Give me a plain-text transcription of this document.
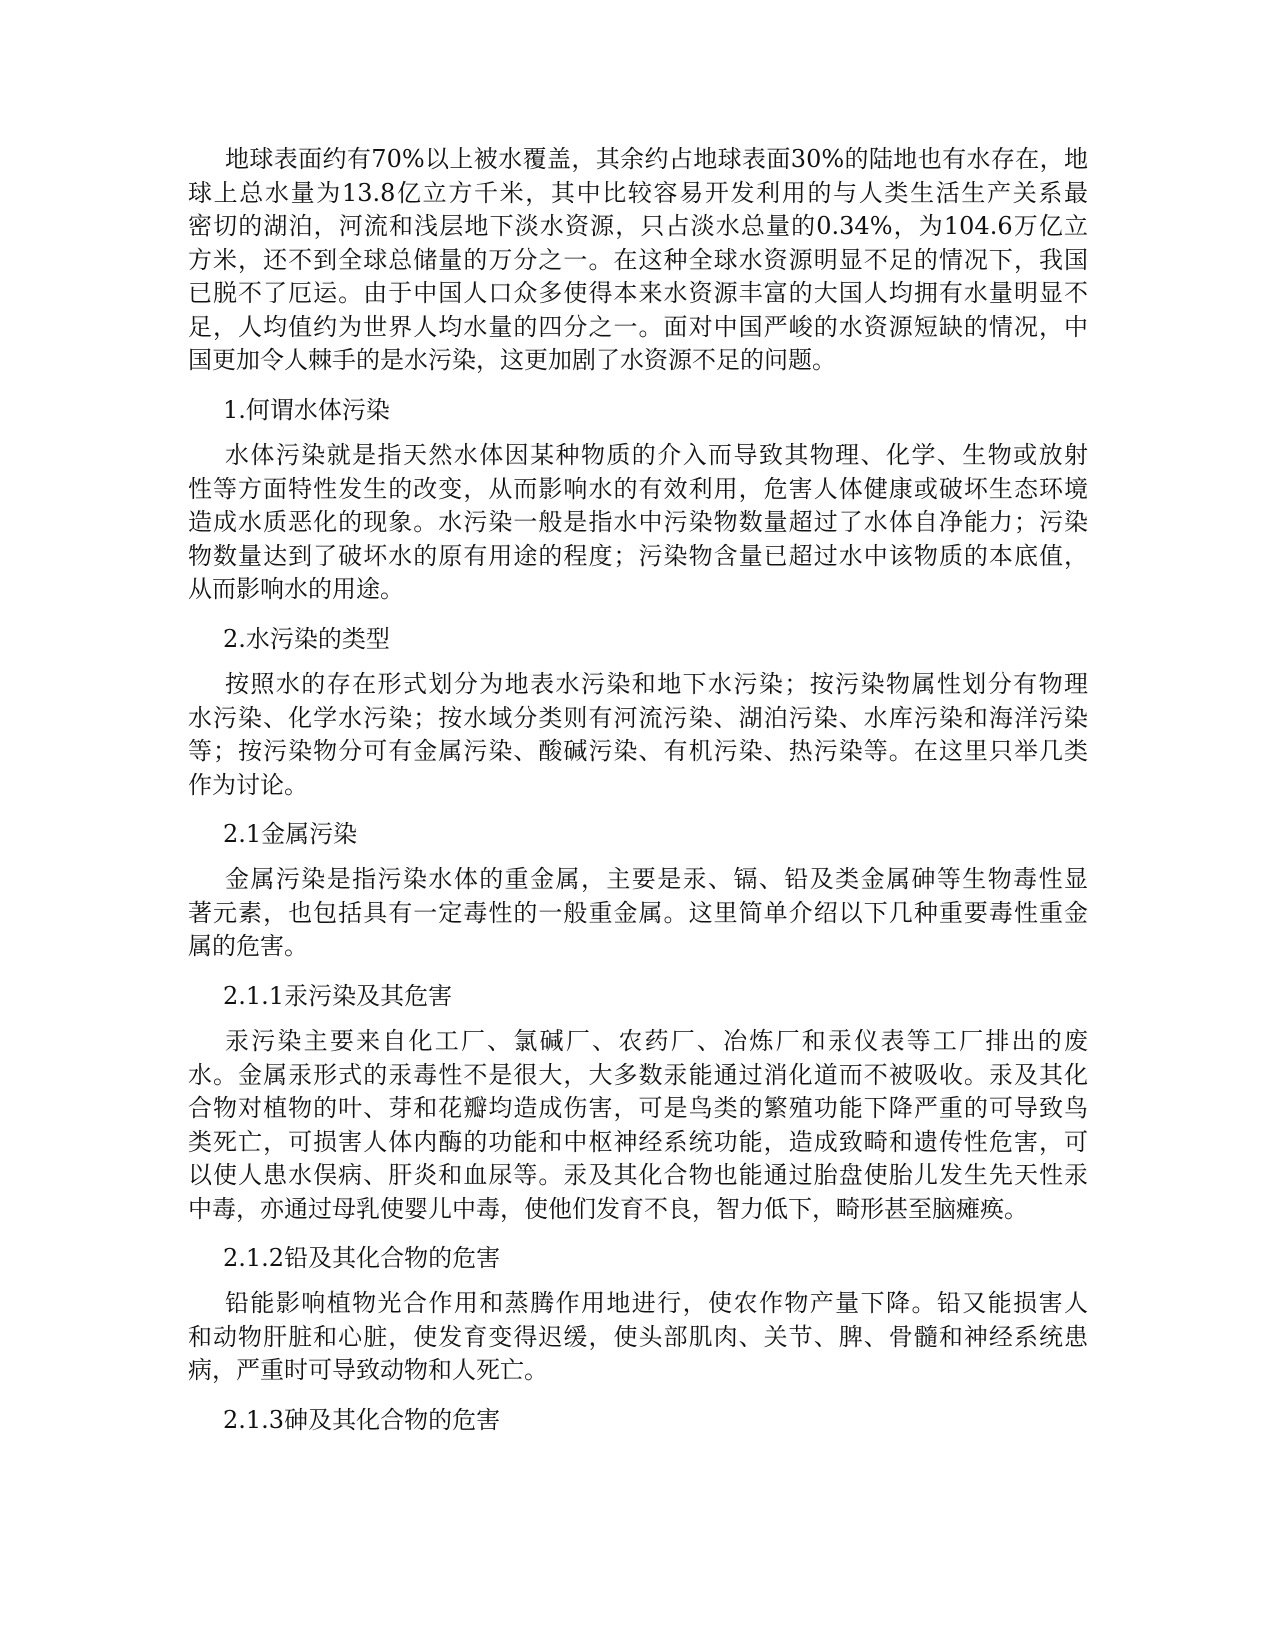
地球表面约有70%以上被水覆盖，其余约占地球表面30%的陆地也有水存在，地
球上总水量为13.8亿立方千米，其中比较容易开发利用的与人类生活生产关系最
密切的湖泊，河流和浅层地下淡水资源，只占淡水总量的0.34%，为104.6万亿立
方米，还不到全球总储量的万分之一。在这种全球水资源明显不足的情况下，我国
已脱不了厄运。由于中国人口众多使得本来水资源丰富的大国人均拥有水量明显不
足，人均值约为世界人均水量的四分之一。面对中国严峻的水资源短缺的情况，中
国更加令人棘手的是水污染，这更加剧了水资源不足的问题。
1.何谓水体污染
水体污染就是指天然水体因某种物质的介入而导致其物理、化学、生物或放射
性等方面特性发生的改变，从而影响水的有效利用，危害人体健康或破坏生态环境
造成水质恶化的现象。水污染一般是指水中污染物数量超过了水体自净能力；污染
物数量达到了破坏水的原有用途的程度；污染物含量已超过水中该物质的本底值，
从而影响水的用途。
2.水污染的类型
按照水的存在形式划分为地表水污染和地下水污染；按污染物属性划分有物理
水污染、化学水污染；按水域分类则有河流污染、湖泊污染、水库污染和海洋污染
等；按污染物分可有金属污染、酸碱污染、有机污染、热污染等。在这里只举几类
作为讨论。
2.1金属污染
金属污染是指污染水体的重金属，主要是汞、镉、铅及类金属砷等生物毒性显
著元素，也包括具有一定毒性的一般重金属。这里简单介绍以下几种重要毒性重金
属的危害。
2.1.1汞污染及其危害
汞污染主要来自化工厂、氯碱厂、农药厂、冶炼厂和汞仪表等工厂排出的废
水。金属汞形式的汞毒性不是很大，大多数汞能通过消化道而不被吸收。汞及其化
合物对植物的叶、芽和花瓣均造成伤害，可是鸟类的繁殖功能下降严重的可导致鸟
类死亡，可损害人体内酶的功能和中枢神经系统功能，造成致畸和遗传性危害，可
以使人患水俣病、肝炎和血尿等。汞及其化合物也能通过胎盘使胎儿发生先天性汞
中毒，亦通过母乳使婴儿中毒，使他们发育不良，智力低下，畸形甚至脑瘫痪。
2.1.2铅及其化合物的危害
铅能影响植物光合作用和蒸腾作用地进行，使农作物产量下降。铅又能损害人
和动物肝脏和心脏，使发育变得迟缓，使头部肌肉、关节、脾、骨髓和神经系统患
病，严重时可导致动物和人死亡。
2.1.3砷及其化合物的危害
